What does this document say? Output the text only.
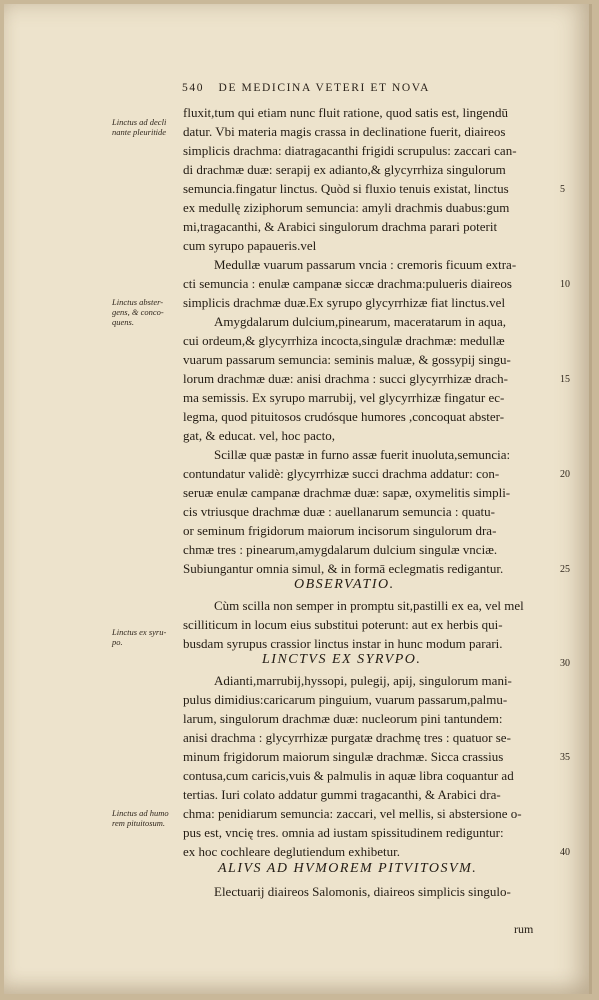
540 DE MEDICINA VETERI ET NOVA
Linctus ad decli nante pleuritide
Linctus abster- gens, & conco- quens.
Linctus ex syru- po.
Linctus ad humo rem pituitosum.
fluxit,tum qui etiam nunc fluit ratione, quod satis est, lingendū
datur. Vbi materia magis crassa in declinatione fuerit, diaireos
simplicis drachma: diatragacanthi frigidi scrupulus: zaccari can-
di drachmæ duæ: serapij ex adianto,& glycyrrhiza singulorum
semuncia.fingatur linctus. Quòd si fluxio tenuis existat, linctus
ex medullę ziziphorum semuncia: amyli drachmis duabus:gum
mi,tragacanthi, & Arabici singulorum drachma parari poterit
cum syrupo papaueris.vel
Medullæ vuarum passarum vncia : cremoris ficuum extra-
cti semuncia : enulæ campanæ siccæ drachma:pulueris diaireos
simplicis drachmæ duæ.Ex syrupo glycyrrhizæ fiat linctus.vel
Amygdalarum dulcium,pinearum, maceratarum in aqua,
cui ordeum,& glycyrrhiza incocta,singulæ drachmæ: medullæ
vuarum passarum semuncia: seminis maluæ, & gossypij singu-
lorum drachmæ duæ: anisi drachma : succi glycyrrhizæ drach-
ma semissis. Ex syrupo marrubij, vel glycyrrhizæ fingatur ec-
legma, quod pituitosos crudósque humores ,concoquat abster-
gat, & educat. vel, hoc pacto,
Scillæ quæ pastæ in furno assæ fuerit inuoluta,semuncia:
contundatur validè: glycyrrhizæ succi drachma addatur: con-
seruæ enulæ campanæ drachmæ duæ: sapæ, oxymelitis simpli-
cis vtriusque drachmæ duæ : auellanarum semuncia : quatu-
or seminum frigidorum maiorum incisorum singulorum dra-
chmæ tres : pinearum,amygdalarum dulcium singulæ vnciæ.
Subiungantur omnia simul, & in formā eclegmatis redigantur.
OBSERVATIO.
Cùm scilla non semper in promptu sit,pastilli ex ea, vel mel
scilliticum in locum eius substitui poterunt: aut ex herbis qui-
busdam syrupus crassior linctus instar in hunc modum parari.
LINCTVS EX SYRVPO.
Adianti,marrubij,hyssopi, pulegij, apij, singulorum mani-
pulus dimidius:caricarum pinguium, vuarum passarum,palmu-
larum, singulorum drachmæ duæ: nucleorum pini tantundem:
anisi drachma : glycyrrhizæ purgatæ drachmę tres : quatuor se-
minum frigidorum maiorum singulæ drachmæ. Sicca crassius
contusa,cum caricis,vuis & palmulis in aquæ libra coquantur ad
tertias. Iuri colato addatur gummi tragacanthi, & Arabici dra-
chma: penidiarum semuncia: zaccari, vel mellis, si abstersione o-
pus est, vncię tres. omnia ad iustam spissitudinem rediguntur:
ex hoc cochleare deglutiendum exhibetur.
ALIVS AD HVMOREM PITVITOSVM.
Electuarij diaireos Salomonis, diaireos simplicis singulo-
rum
5
10
15
20
25
30
35
40
